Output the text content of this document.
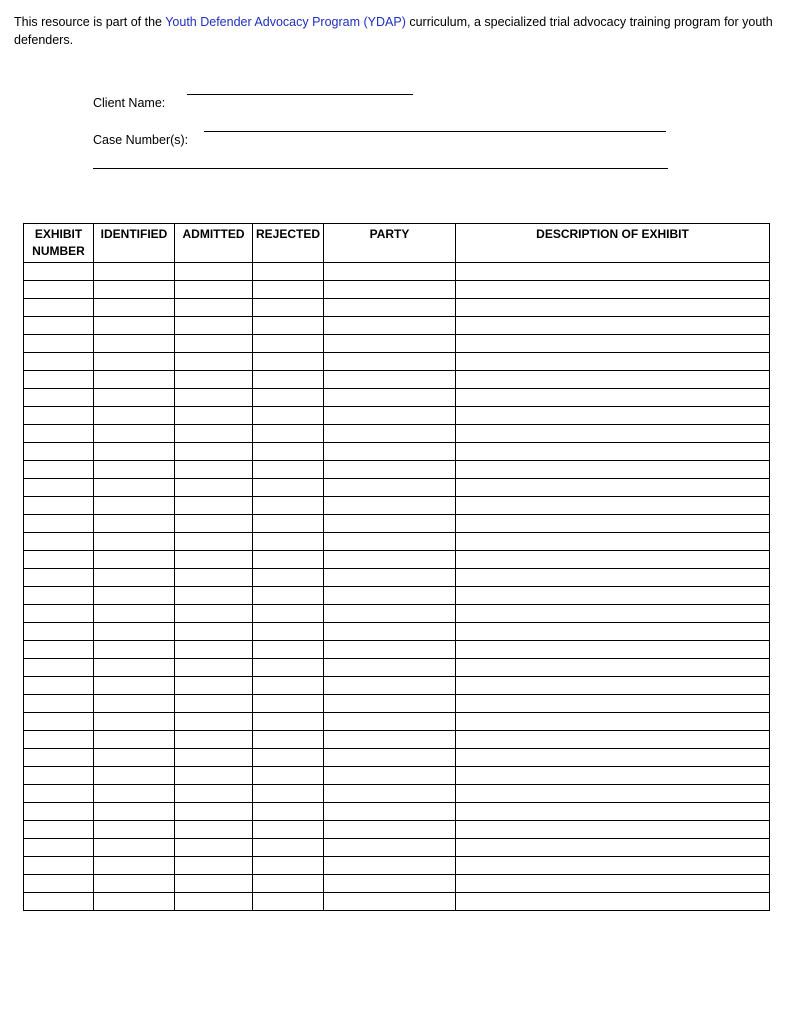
This resource is part of the Youth Defender Advocacy Program (YDAP) curriculum, a specialized trial advocacy training program for youth defenders.
Client Name:
Case Number(s):
EXHIBIT
NUMBER	IDENTIFIED	ADMITTED	REJECTED	PARTY	DESCRIPTION OF EXHIBIT
